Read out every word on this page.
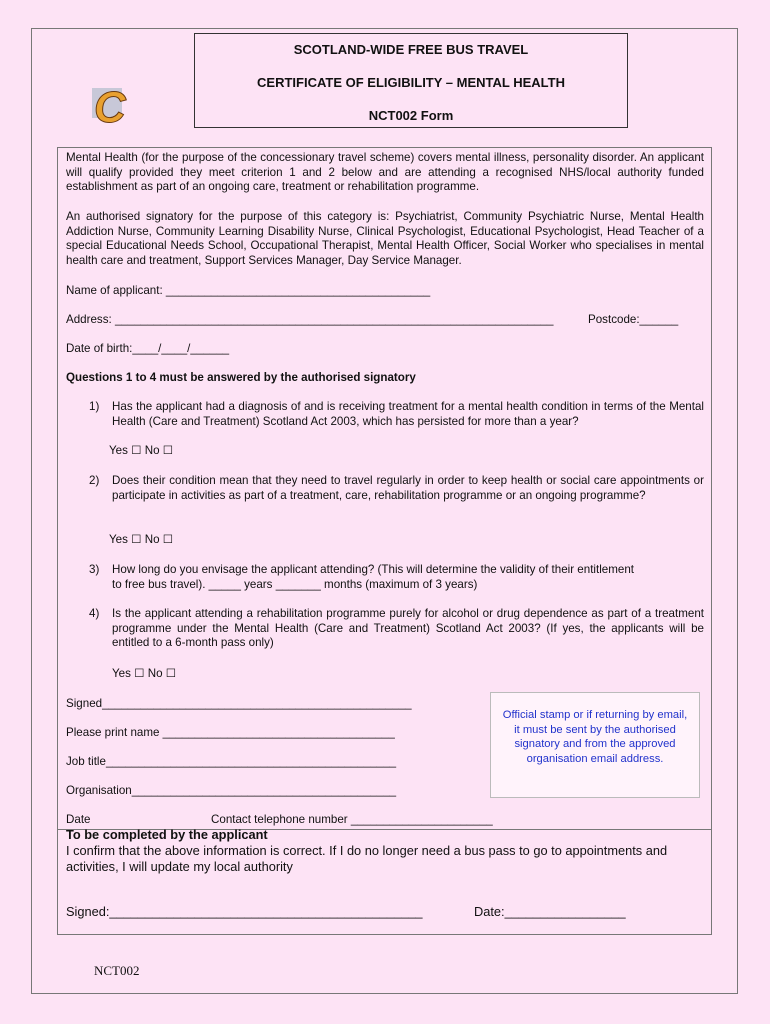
C
SCOTLAND-WIDE FREE BUS TRAVEL
CERTIFICATE OF ELIGIBILITY – MENTAL HEALTH
NCT002 Form
Mental Health (for the purpose of the concessionary travel scheme) covers mental illness, personality disorder. An applicant will qualify provided they meet criterion 1 and 2 below and are attending a recognised NHS/local authority funded establishment as part of an ongoing care, treatment or rehabilitation programme.
An authorised signatory for the purpose of this category is: Psychiatrist, Community Psychiatric Nurse, Mental Health Addiction Nurse, Community Learning Disability Nurse, Clinical Psychologist, Educational Psychologist, Head Teacher of a special Educational Needs School, Occupational Therapist, Mental Health Officer, Social Worker who specialises in mental health care and treatment, Support Services Manager, Day Service Manager.
Name of applicant: _________________________________________
Address: ____________________________________________________________________	Postcode:______
Date of birth:____/____/______
Questions 1 to 4 must be answered by the authorised signatory
1) Has the applicant had a diagnosis of and is receiving treatment for a mental health condition in terms of the Mental Health (Care and Treatment) Scotland Act 2003, which has persisted for more than a year?
Yes ☐ No ☐
2) Does their condition mean that they need to travel regularly in order to keep health or social care appointments or participate in activities as part of a treatment, care, rehabilitation programme or an ongoing programme?
Yes ☐ No ☐
3) How long do you envisage the applicant attending? (This will determine the validity of their entitlement
to free bus travel). _____ years _______ months (maximum of 3 years)
4) Is the applicant attending a rehabilitation programme purely for alcohol or drug dependence as part of a treatment programme under the Mental Health (Care and Treatment) Scotland Act 2003? (If yes, the applicants will be entitled to a 6-month pass only)
Yes ☐ No ☐
Signed________________________________________________
Please print name ____________________________________
Job title_____________________________________________
Organisation_________________________________________
Date	Contact telephone number ______________________
Official stamp or if returning by email, it must be sent by the authorised signatory and from the approved organisation email address.
To be completed by the applicant
I confirm that the above information is correct. If I do no longer need a bus pass to go to appointments and activities, I will update my local authority
Signed:____________________________________________	Date:_________________
NCT002
